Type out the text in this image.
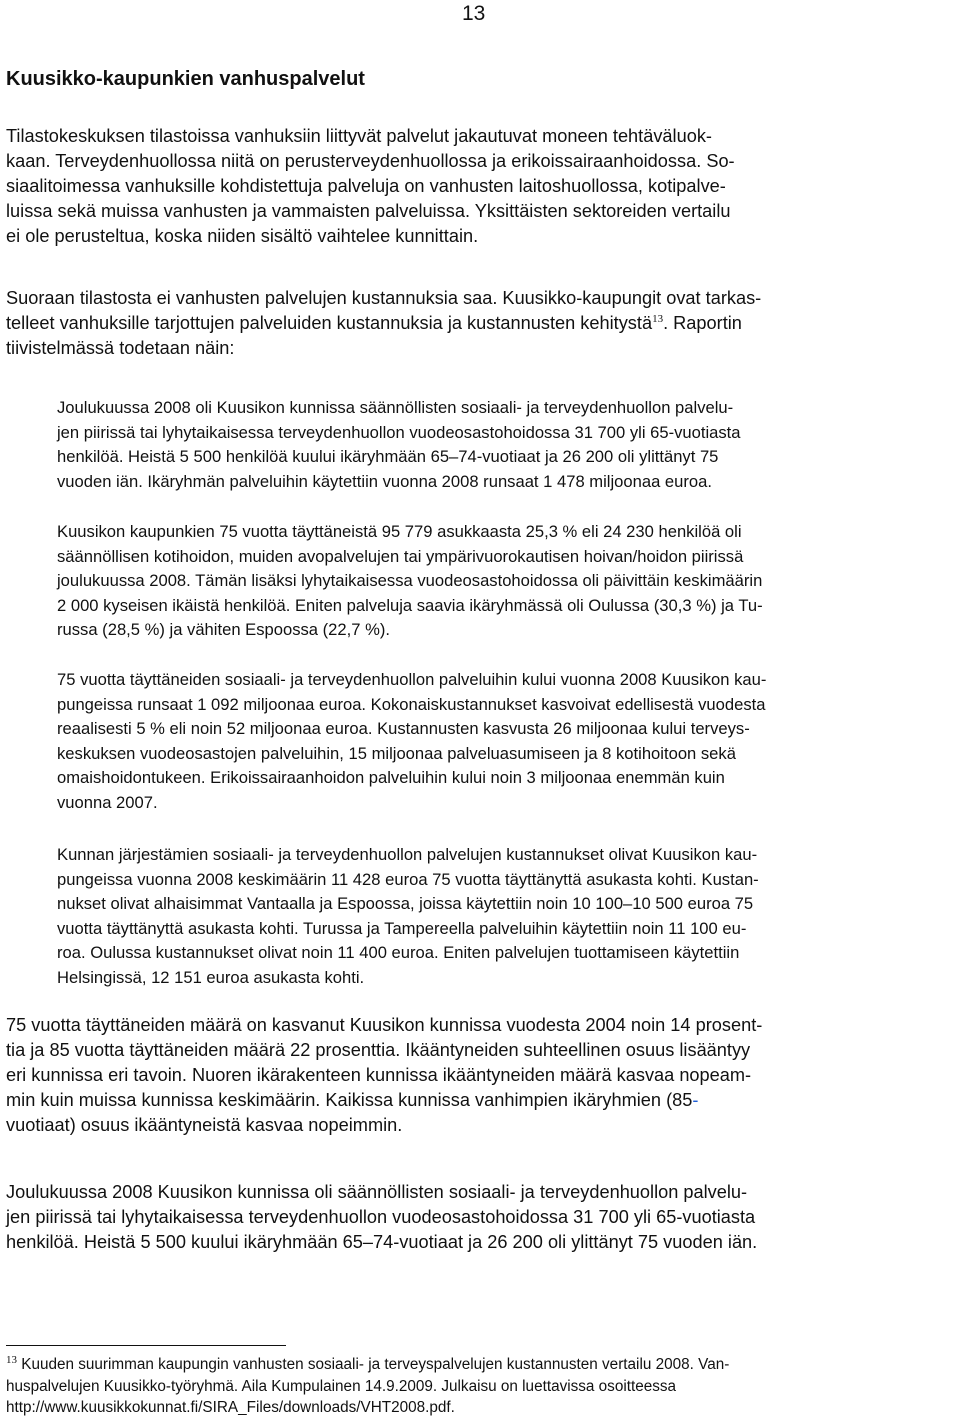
13
Kuusikko-kaupunkien vanhuspalvelut

Tilastokeskuksen tilastoissa vanhuksiin liittyvät palvelut jakautuvat moneen tehtäväluok-
kaan. Terveydenhuollossa niitä on perusterveydenhuollossa ja erikoissairaanhoidossa. So-
siaalitoimessa vanhuksille kohdistettuja palveluja on vanhusten laitoshuollossa, kotipalve-
luissa sekä muissa vanhusten ja vammaisten palveluissa. Yksittäisten sektoreiden vertailu
ei ole perusteltua, koska niiden sisältö vaihtelee kunnittain.

Suoraan tilastosta ei vanhusten palvelujen kustannuksia saa. Kuusikko-kaupungit ovat tarkas-
telleet vanhuksille tarjottujen palveluiden kustannuksia ja kustannusten kehitystä$^{13}$. Raportin
tiivistelmässä todetaan näin:

Joulukuussa 2008 oli Kuusikon kunnissa säännöllisten sosiaali- ja terveydenhuollon palvelu-
jen piirissä tai lyhytaikaisessa terveydenhuollon vuodeosastohoidossa 31 700 yli 65-vuotiasta
henkilöä. Heistä 5 500 henkilöä kuului ikäryhmään 65–74-vuotiaat ja 26 200 oli ylittänyt 75
vuoden iän. Ikäryhmän palveluihin käytettiin vuonna 2008 runsaat 1 478 miljoonaa euroa.
Kuusikon kaupunkien 75 vuotta täyttäneistä 95 779 asukkaasta 25,3 % eli 24 230 henkilöä oli
säännöllisen kotihoidon, muiden avopalvelujen tai ympärivuorokautisen hoivan/hoidon piirissä
joulukuussa 2008. Tämän lisäksi lyhytaikaisessa vuodeosastohoidossa oli päivittäin keskimäärin
2 000 kyseisen ikäistä henkilöä. Eniten palveluja saavia ikäryhmässä oli Oulussa (30,3 %) ja Tu-
russa (28,5 %) ja vähiten Espoossa (22,7 %).
75 vuotta täyttäneiden sosiaali- ja terveydenhuollon palveluihin kului vuonna 2008 Kuusikon kau-
pungeissa runsaat 1 092 miljoonaa euroa. Kokonaiskustannukset kasvoivat edellisestä vuodesta
reaalisesti 5 % eli noin 52 miljoonaa euroa. Kustannusten kasvusta 26 miljoonaa kului terveys-
keskuksen vuodeosastojen palveluihin, 15 miljoonaa palveluasumiseen ja 8 kotihoitoon sekä
omaishoidontukeen. Erikoissairaanhoidon palveluihin kului noin 3 miljoonaa enemmän kuin
vuonna 2007.
Kunnan järjestämien sosiaali- ja terveydenhuollon palvelujen kustannukset olivat Kuusikon kau-
pungeissa vuonna 2008 keskimäärin 11 428 euroa 75 vuotta täyttänyttä asukasta kohti. Kustan-
nukset olivat alhaisimmat Vantaalla ja Espoossa, joissa käytettiin noin 10 100–10 500 euroa 75
vuotta täyttänyttä asukasta kohti. Turussa ja Tampereella palveluihin käytettiin noin 11 100 eu-
roa. Oulussa kustannukset olivat noin 11 400 euroa. Eniten palvelujen tuottamiseen käytettiin
Helsingissä, 12 151 euroa asukasta kohti.

75 vuotta täyttäneiden määrä on kasvanut Kuusikon kunnissa vuodesta 2004 noin 14 prosent-
tia ja 85 vuotta täyttäneiden määrä 22 prosenttia. Ikääntyneiden suhteellinen osuus lisääntyy
eri kunnissa eri tavoin. Nuoren ikärakenteen kunnissa ikääntyneiden määrä kasvaa nopeam-
min kuin muissa kunnissa keskimäärin. Kaikissa kunnissa vanhimpien ikäryhmien (85-
vuotiaat) osuus ikääntyneistä kasvaa nopeimmin.

Joulukuussa 2008 Kuusikon kunnissa oli säännöllisten sosiaali- ja terveydenhuollon palvelu-
jen piirissä tai lyhytaikaisessa terveydenhuollon vuodeosastohoidossa 31 700 yli 65-vuotiasta
henkilöä. Heistä 5 500 kuului ikäryhmään 65–74-vuotiaat ja 26 200 oli ylittänyt 75 vuoden iän.

$^{13}$ Kuuden suurimman kaupungin vanhusten sosiaali- ja terveyspalvelujen kustannusten vertailu 2008. Van-
huspalvelujen Kuusikko-työryhmä. Aila Kumpulainen 14.9.2009. Julkaisu on luettavissa osoitteessa
http://www.kuusikkokunnat.fi/SIRA_Files/downloads/VHT2008.pdf.
